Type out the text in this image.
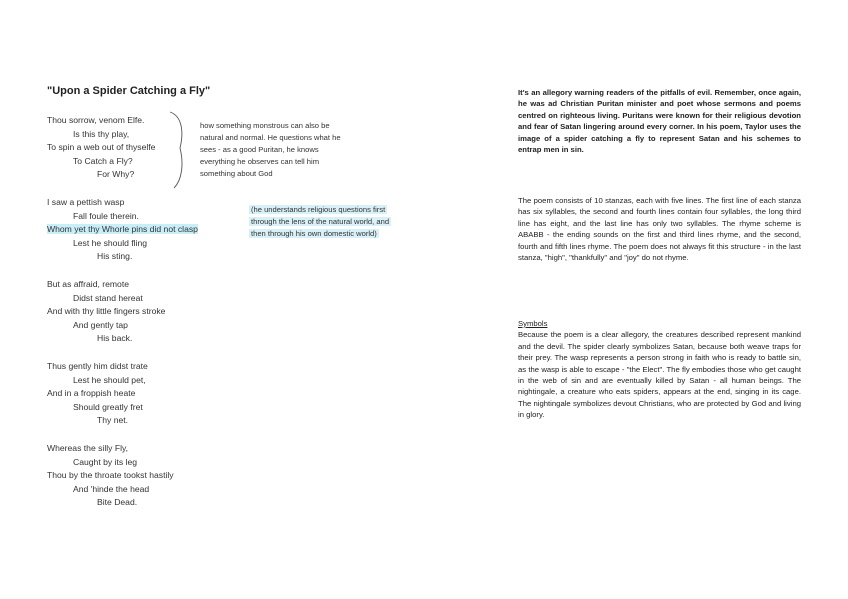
"Upon a Spider Catching a Fly"
Thou sorrow, venom Elfe.
Is this thy play,
To spin a web out of thyselfe
To Catch a Fly?
For Why?
I saw a pettish wasp
Fall foule therein.
Whom yet thy Whorle pins did not clasp
Lest he should fling
His sting.
But as affraid, remote
Didst stand hereat
And with thy little fingers stroke
And gently tap
His back.
Thus gently him didst trate
Lest he should pet,
And in a froppish heate
Should greatly fret
Thy net.
Whereas the silly Fly,
Caught by its leg
Thou by the throate tookst hastily
And 'hinde the head
Bite Dead.
how something monstrous can also be
natural and normal. He questions what he
sees - as a good Puritan, he knows
everything he observes can tell him
something about God
(he understands religious questions first
through the lens of the natural world, and
then through his own domestic world)
It's an allegory warning readers of the pitfalls of evil. Remember, once again, he was ad Christian Puritan minister and poet whose sermons and poems centred on righteous living. Puritans were known for their religious devotion and fear of Satan lingering around every corner. In his poem, Taylor uses the image of a spider catching a fly to represent Satan and his schemes to entrap men in sin.
The poem consists of 10 stanzas, each with five lines. The first line of each stanza has six syllables, the second and fourth lines contain four syllables, the long third line has eight, and the last line has only two syllables. The rhyme scheme is ABABB - the ending sounds on the first and third lines rhyme, and the second, fourth and fifth lines rhyme. The poem does not always fit this structure - in the last stanza, "high", "thankfully" and "joy" do not rhyme.
Symbols
Because the poem is a clear allegory, the creatures described represent mankind and the devil. The spider clearly symbolizes Satan, because both weave traps for their prey. The wasp represents a person strong in faith who is ready to battle sin, as the wasp is able to escape - "the Elect". The fly embodies those who get caught in the web of sin and are eventually killed by Satan - all human beings. The nightingale, a creature who eats spiders, appears at the end, singing in its cage. The nightingale symbolizes devout Christians, who are protected by God and living in glory.
